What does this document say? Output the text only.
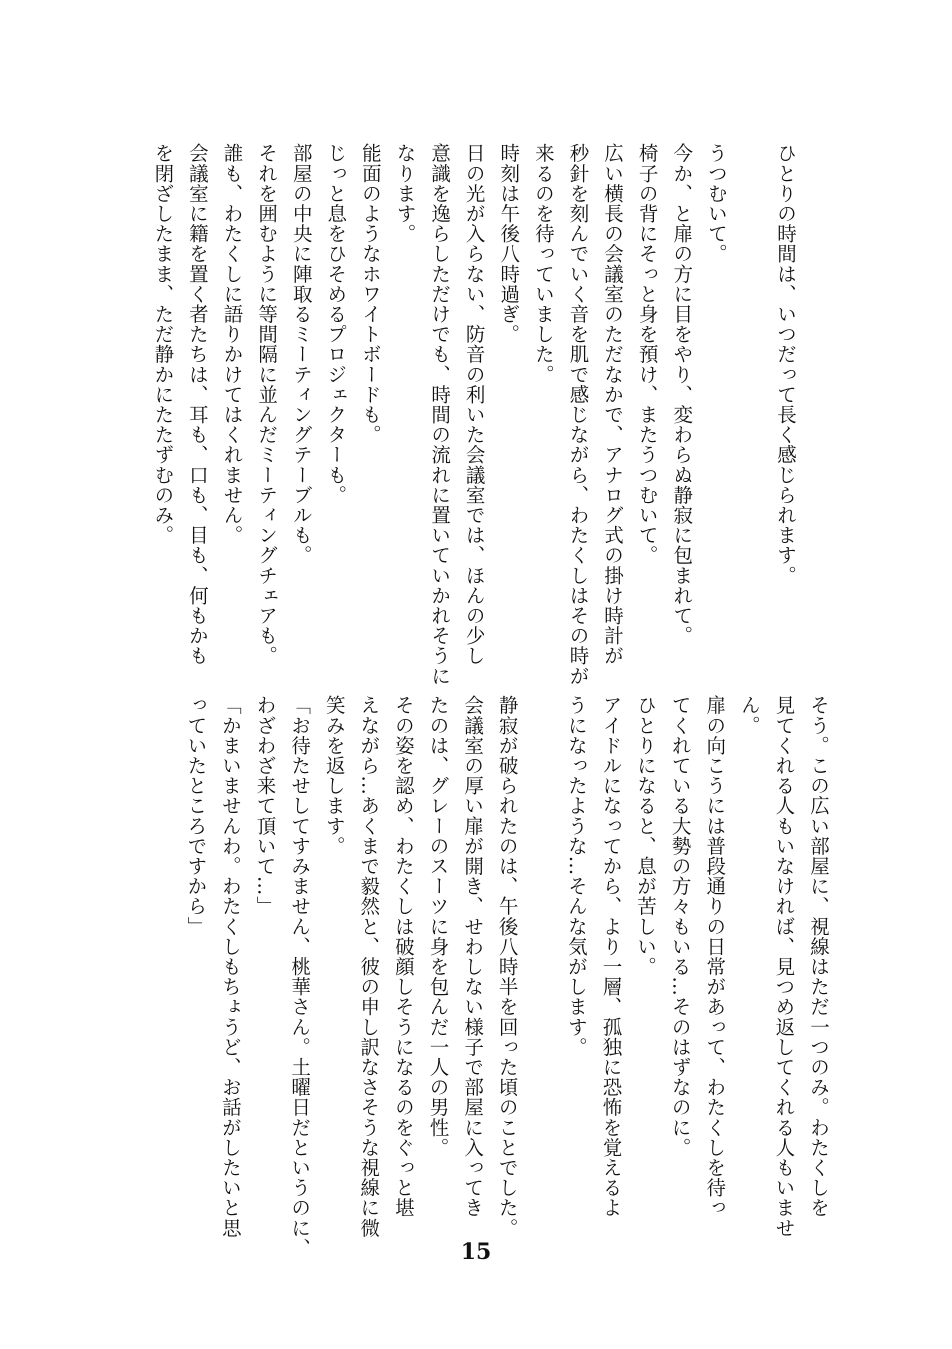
ひとりの時間は、いつだって長く感じられます。
うつむいて。
今か、と扉の方に目をやり、変わらぬ静寂に包まれて。
椅子の背にそっと身を預け、またうつむいて。
広い横長の会議室のただなかで、アナログ式の掛け時計が
秒針を刻んでいく音を肌で感じながら、わたくしはその時が
来るのを待っていました。
時刻は午後八時過ぎ。
日の光が入らない、防音の利いた会議室では、ほんの少し
意識を逸らしただけでも、時間の流れに置いていかれそうに
なります。
能面のようなホワイトボードも。
じっと息をひそめるプロジェクターも。
部屋の中央に陣取るミーティングテーブルも。
それを囲むように等間隔に並んだミーティングチェアも。
誰も、わたくしに語りかけてはくれません。
会議室に籍を置く者たちは、耳も、口も、目も、何もかも
を閉ざしたまま、ただ静かにたたずむのみ。
そう。この広い部屋に、視線はただ一つのみ。わたくしを
見てくれる人もいなければ、見つめ返してくれる人もいませ
ん。
扉の向こうには普段通りの日常があって、わたくしを待っ
てくれている大勢の方々もいる…そのはずなのに。
ひとりになると、息が苦しい。
アイドルになってから、より一層、孤独に恐怖を覚えるよ
うになったような…そんな気がします。
静寂が破られたのは、午後八時半を回った頃のことでした。
会議室の厚い扉が開き、せわしない様子で部屋に入ってき
たのは、グレーのスーツに身を包んだ一人の男性。
その姿を認め、わたくしは破顔しそうになるのをぐっと堪
えながら…あくまで毅然と、彼の申し訳なさそうな視線に微
笑みを返します。
「お待たせしてすみません、桃華さん。土曜日だというのに、
わざわざ来て頂いて…」
「かまいませんわ。わたくしもちょうど、お話がしたいと思
っていたところですから」
15
